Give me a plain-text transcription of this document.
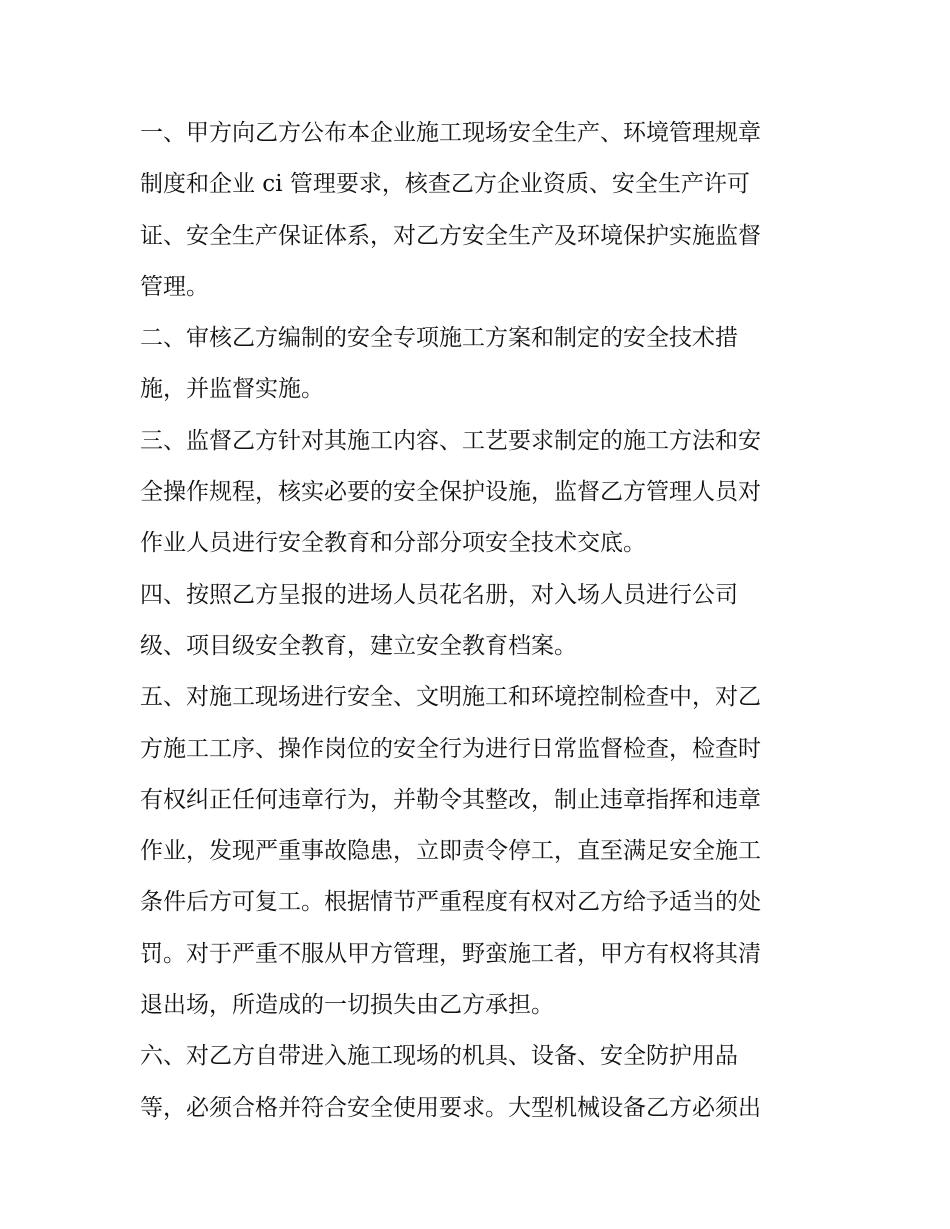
一、甲方向乙方公布本企业施工现场安全生产、环境管理规章

制度和企业 ci 管理要求，核查乙方企业资质、安全生产许可

证、安全生产保证体系，对乙方安全生产及环境保护实施监督

管理。

二、审核乙方编制的安全专项施工方案和制定的安全技术措

施，并监督实施。

三、监督乙方针对其施工内容、工艺要求制定的施工方法和安

全操作规程，核实必要的安全保护设施，监督乙方管理人员对

作业人员进行安全教育和分部分项安全技术交底。

四、按照乙方呈报的进场人员花名册，对入场人员进行公司

级、项目级安全教育，建立安全教育档案。

五、对施工现场进行安全、文明施工和环境控制检查中，对乙

方施工工序、操作岗位的安全行为进行日常监督检查，检查时

有权纠正任何违章行为，并勒令其整改，制止违章指挥和违章

作业，发现严重事故隐患，立即责令停工，直至满足安全施工

条件后方可复工。根据情节严重程度有权对乙方给予适当的处

罚。对于严重不服从甲方管理，野蛮施工者，甲方有权将其清

退出场，所造成的一切损失由乙方承担。

六、对乙方自带进入施工现场的机具、设备、安全防护用品

等，必须合格并符合安全使用要求。大型机械设备乙方必须出
